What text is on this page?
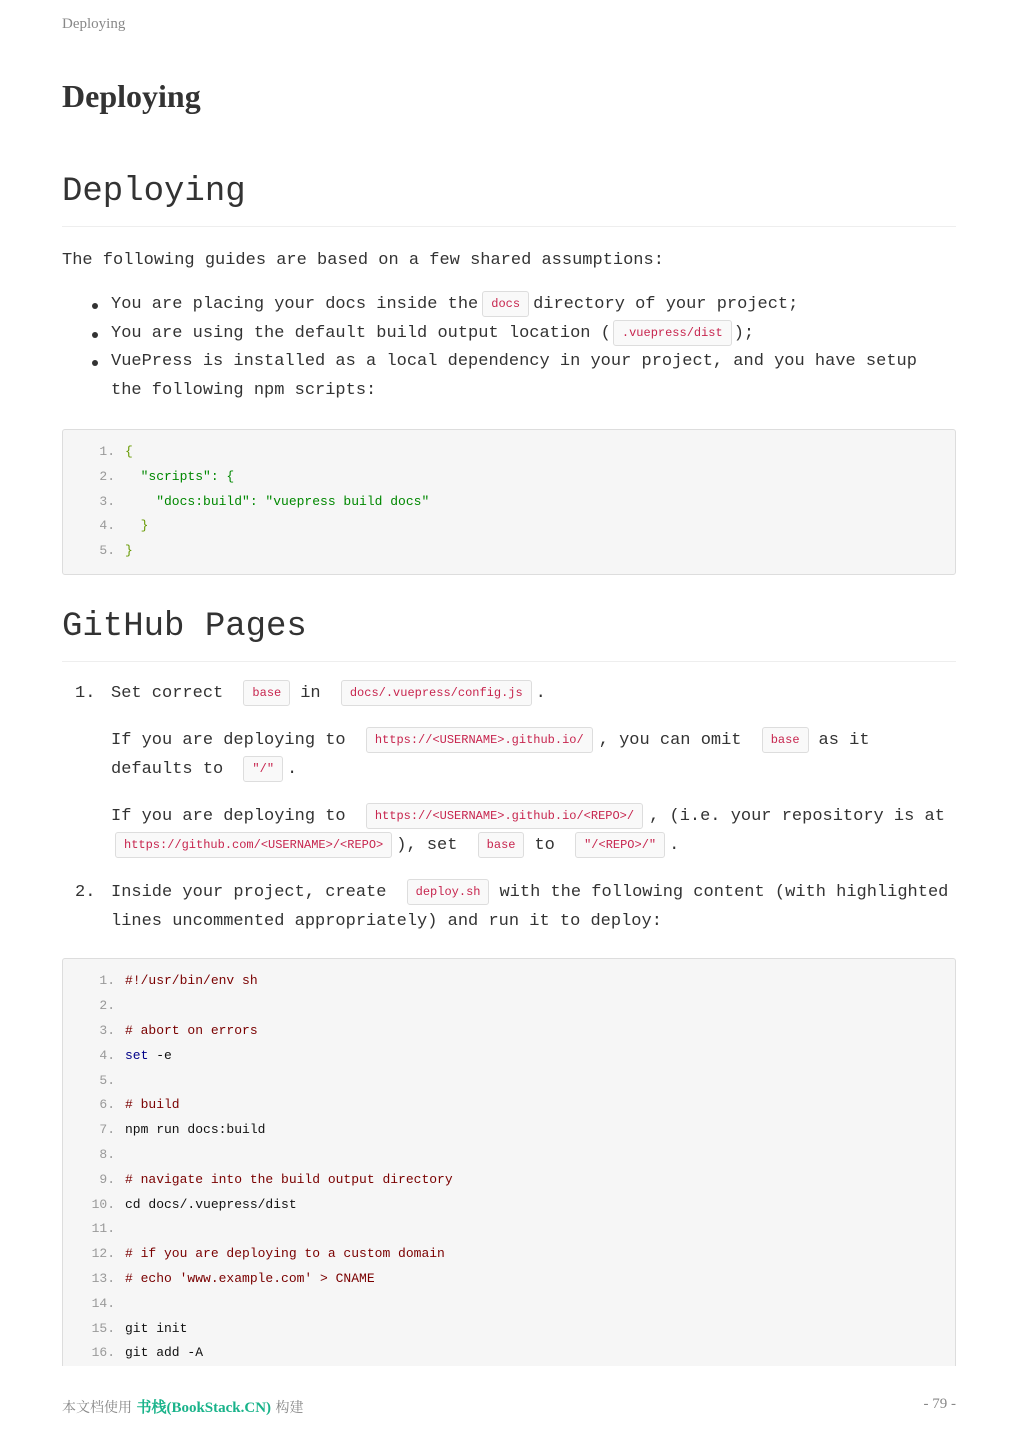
Deploying
Deploying
Deploying

The following guides are based on a few shared assumptions:

You are placing your docs inside the docs directory of your project;
You are using the default build output location ( .vuepress/dist );
VuePress is installed as a local dependency in your project, and you have setup the following npm scripts:
1. {
2. "scripts": {
3. "docs:build": "vuepress build docs"
4. }
5. }
GitHub Pages
1. Set correct base in docs/.vuepress/config.js .
If you are deploying to https://<USERNAME>.github.io/ , you can omit base as it defaults to "/" .
If you are deploying to https://<USERNAME>.github.io/<REPO>/ , (i.e. your repository is at https://github.com/<USERNAME>/<REPO> ), set base to "/<REPO>/" .
2. Inside your project, create deploy.sh with the following content (with highlighted lines uncommented appropriately) and run it to deploy:
1. #!/usr/bin/env sh
2.
3. # abort on errors
4. set -e
5.
6. # build
7. npm run docs:build
8.
9. # navigate into the build output directory
10. cd docs/.vuepress/dist
11.
12. # if you are deploying to a custom domain
13. # echo 'www.example.com' > CNAME
14.
15. git init
16. git add -A
本文档使用 书栈(BookStack.CN) 构建	- 79 -
